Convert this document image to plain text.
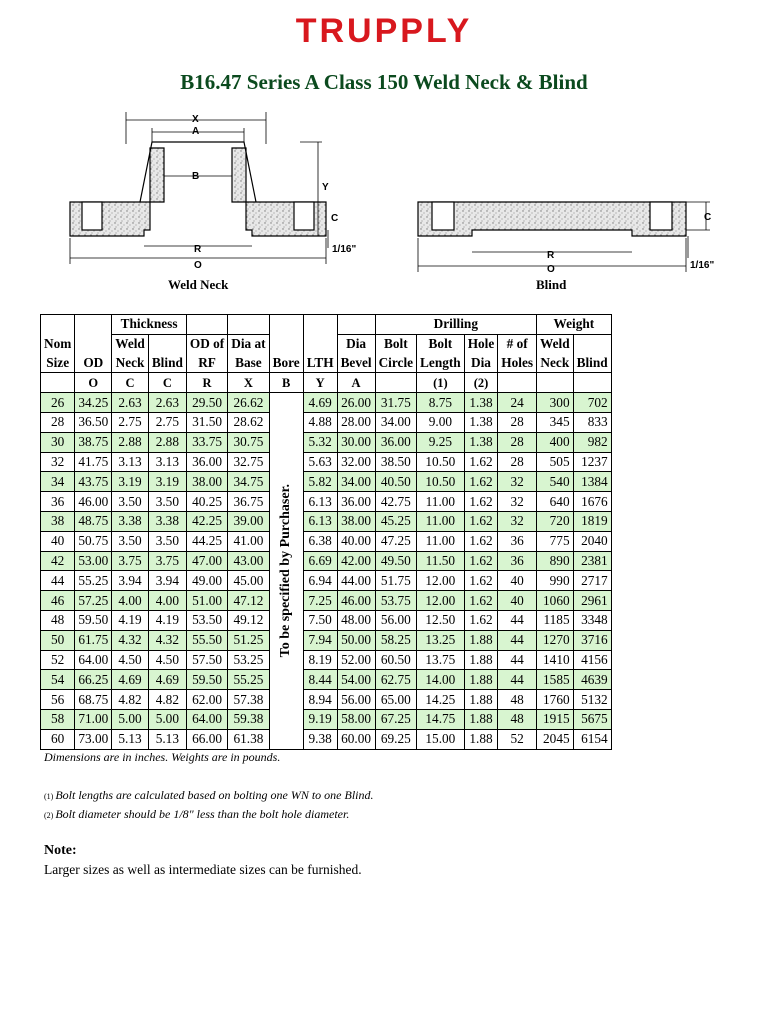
TRUPPLY
B16.47 Series A Class 150 Weld Neck & Blind
X
A
B
Y
C
R
O
1/16"
C
R
O	1/16"
Weld Neck	Blind
		Thickness							Drilling				Weight	
Nom		Weld		OD of	Dia at			Dia	Bolt	Bolt	Hole	# of	Weld	
Size	OD	Neck	Blind	RF	Base	Bore	LTH	Bevel	Circle	Length	Dia	Holes	Neck	Blind
	O	C	C	R	X	B	Y	A		(1)	(2)			
26	34.25	2.63	2.63	29.50	26.62	To be specified by Purchaser.	4.69	26.00	31.75	8.75	1.38	24	300	702
28	36.50	2.75	2.75	31.50	28.62		4.88	28.00	34.00	9.00	1.38	28	345	833
30	38.75	2.88	2.88	33.75	30.75		5.32	30.00	36.00	9.25	1.38	28	400	982
32	41.75	3.13	3.13	36.00	32.75		5.63	32.00	38.50	10.50	1.62	28	505	1237
34	43.75	3.19	3.19	38.00	34.75		5.82	34.00	40.50	10.50	1.62	32	540	1384
36	46.00	3.50	3.50	40.25	36.75		6.13	36.00	42.75	11.00	1.62	32	640	1676
38	48.75	3.38	3.38	42.25	39.00		6.13	38.00	45.25	11.00	1.62	32	720	1819
40	50.75	3.50	3.50	44.25	41.00		6.38	40.00	47.25	11.00	1.62	36	775	2040
42	53.00	3.75	3.75	47.00	43.00		6.69	42.00	49.50	11.50	1.62	36	890	2381
44	55.25	3.94	3.94	49.00	45.00		6.94	44.00	51.75	12.00	1.62	40	990	2717
46	57.25	4.00	4.00	51.00	47.12		7.25	46.00	53.75	12.00	1.62	40	1060	2961
48	59.50	4.19	4.19	53.50	49.12		7.50	48.00	56.00	12.50	1.62	44	1185	3348
50	61.75	4.32	4.32	55.50	51.25		7.94	50.00	58.25	13.25	1.88	44	1270	3716
52	64.00	4.50	4.50	57.50	53.25		8.19	52.00	60.50	13.75	1.88	44	1410	4156
54	66.25	4.69	4.69	59.50	55.25		8.44	54.00	62.75	14.00	1.88	44	1585	4639
56	68.75	4.82	4.82	62.00	57.38		8.94	56.00	65.00	14.25	1.88	48	1760	5132
58	71.00	5.00	5.00	64.00	59.38		9.19	58.00	67.25	14.75	1.88	48	1915	5675
60	73.00	5.13	5.13	66.00	61.38		9.38	60.00	69.25	15.00	1.88	52	2045	6154
Dimensions are in inches. Weights are in pounds.
(1) Bolt lengths are calculated based on bolting one WN to one Blind.
(2) Bolt diameter should be 1/8" less than the bolt hole diameter.
Note:
Larger sizes as well as intermediate sizes can be furnished.
